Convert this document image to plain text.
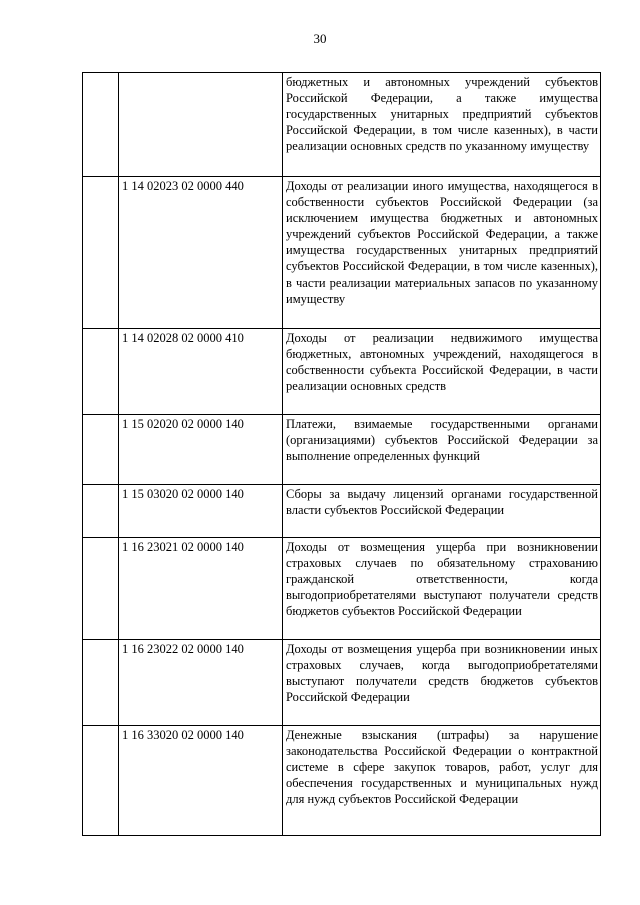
30
		бюджетных и автономных учреждений субъектов Российской Федерации, а также имущества государственных унитарных предприятий субъектов Российской Федерации, в том числе казенных), в части реализации основных средств по указанному имуществу
	1 14 02023 02 0000 440	Доходы от реализации иного имущества, находящегося в собственности субъектов Российской Федерации (за исключением имущества бюджетных и автономных учреждений субъектов Российской Федерации, а также имущества государственных унитарных предприятий субъектов Российской Федерации, в том числе казенных), в части реализации материальных запасов по указанному имуществу
	1 14 02028 02 0000 410	Доходы от реализации недвижимого имущества бюджетных, автономных учреждений, находящегося в собственности субъекта Российской Федерации, в части реализации основных средств
	1 15 02020 02 0000 140	Платежи, взимаемые государственными органами (организациями) субъектов Российской Федерации за выполнение определенных функций
	1 15 03020 02 0000 140	Сборы за выдачу лицензий органами государственной власти субъектов Российской Федерации
	1 16 23021 02 0000 140	Доходы от возмещения ущерба при возникновении страховых случаев по обязательному страхованию гражданской ответственности, когда выгодоприобретателями выступают получатели средств бюджетов субъектов Российской Федерации
	1 16 23022 02 0000 140	Доходы от возмещения ущерба при возникновении иных страховых случаев, когда выгодоприобретателями выступают получатели средств бюджетов субъектов Российской Федерации
	1 16 33020 02 0000 140	Денежные взыскания (штрафы) за нарушение законодательства Российской Федерации о контрактной системе в сфере закупок товаров, работ, услуг для обеспечения государственных и муниципальных нужд для нужд субъектов Российской Федерации
